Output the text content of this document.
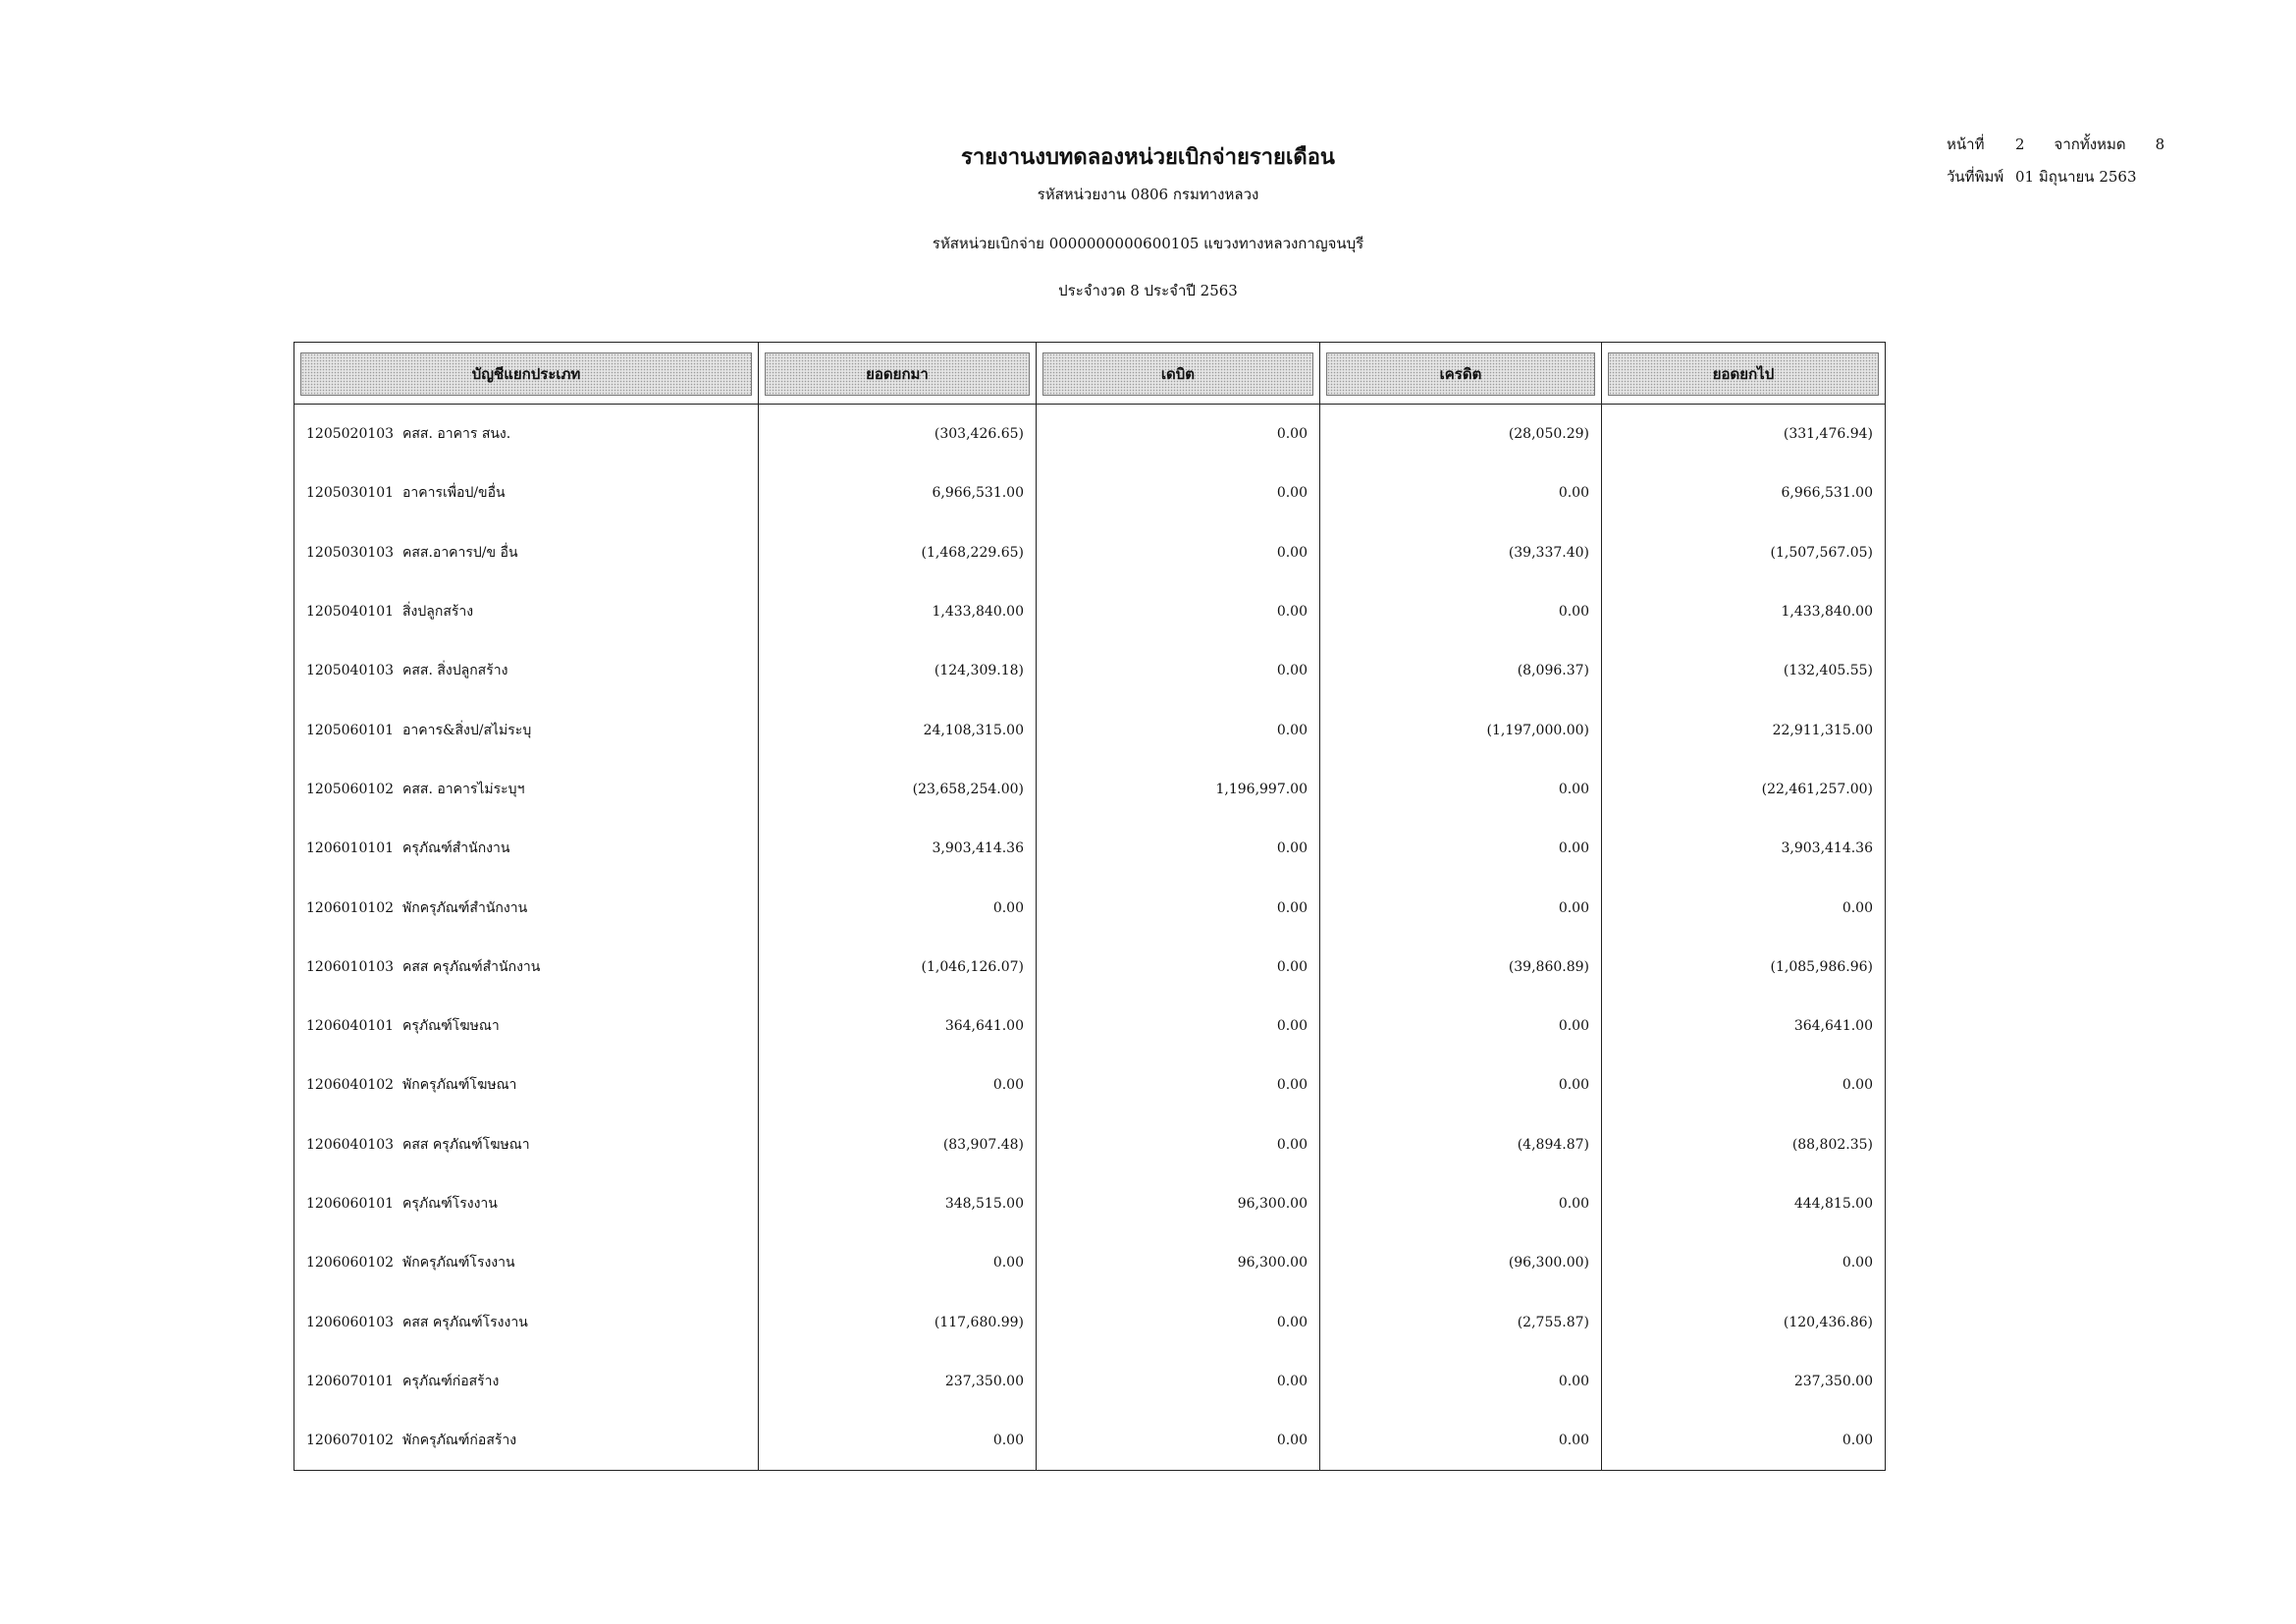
รายงานงบทดลองหน่วยเบิกจ่ายรายเดือน
รหัสหน่วยงาน 0806 กรมทางหลวง
รหัสหน่วยเบิกจ่าย 0000000000600105 แขวงทางหลวงกาญจนบุรี
ประจำงวด 8 ประจำปี 2563
หน้าที่ 2 จากทั้งหมด 8
วันที่พิมพ์ 01 มิถุนายน 2563
บัญชีแยกประเภท	ยอดยกมา	เดบิต	เครดิต	ยอดยกไป

1205020103 คสส. อาคาร สนง.	(303,426.65)	0.00	(28,050.29)	(331,476.94)
1205030101 อาคารเพื่อป/ขอื่น	6,966,531.00	0.00	0.00	6,966,531.00
1205030103 คสส.อาคารป/ข อื่น	(1,468,229.65)	0.00	(39,337.40)	(1,507,567.05)
1205040101 สิ่งปลูกสร้าง	1,433,840.00	0.00	0.00	1,433,840.00
1205040103 คสส. สิ่งปลูกสร้าง	(124,309.18)	0.00	(8,096.37)	(132,405.55)
1205060101 อาคาร&สิ่งป/สไม่ระบุ	24,108,315.00	0.00	(1,197,000.00)	22,911,315.00
1205060102 คสส. อาคารไม่ระบุฯ	(23,658,254.00)	1,196,997.00	0.00	(22,461,257.00)
1206010101 ครุภัณฑ์สำนักงาน	3,903,414.36	0.00	0.00	3,903,414.36
1206010102 พักครุภัณฑ์สำนักงาน	0.00	0.00	0.00	0.00
1206010103 คสส ครุภัณฑ์สำนักงาน	(1,046,126.07)	0.00	(39,860.89)	(1,085,986.96)
1206040101 ครุภัณฑ์โฆษณา	364,641.00	0.00	0.00	364,641.00
1206040102 พักครุภัณฑ์โฆษณา	0.00	0.00	0.00	0.00
1206040103 คสส ครุภัณฑ์โฆษณา	(83,907.48)	0.00	(4,894.87)	(88,802.35)
1206060101 ครุภัณฑ์โรงงาน	348,515.00	96,300.00	0.00	444,815.00
1206060102 พักครุภัณฑ์โรงงาน	0.00	96,300.00	(96,300.00)	0.00
1206060103 คสส ครุภัณฑ์โรงงาน	(117,680.99)	0.00	(2,755.87)	(120,436.86)
1206070101 ครุภัณฑ์ก่อสร้าง	237,350.00	0.00	0.00	237,350.00
1206070102 พักครุภัณฑ์ก่อสร้าง	0.00	0.00	0.00	0.00
